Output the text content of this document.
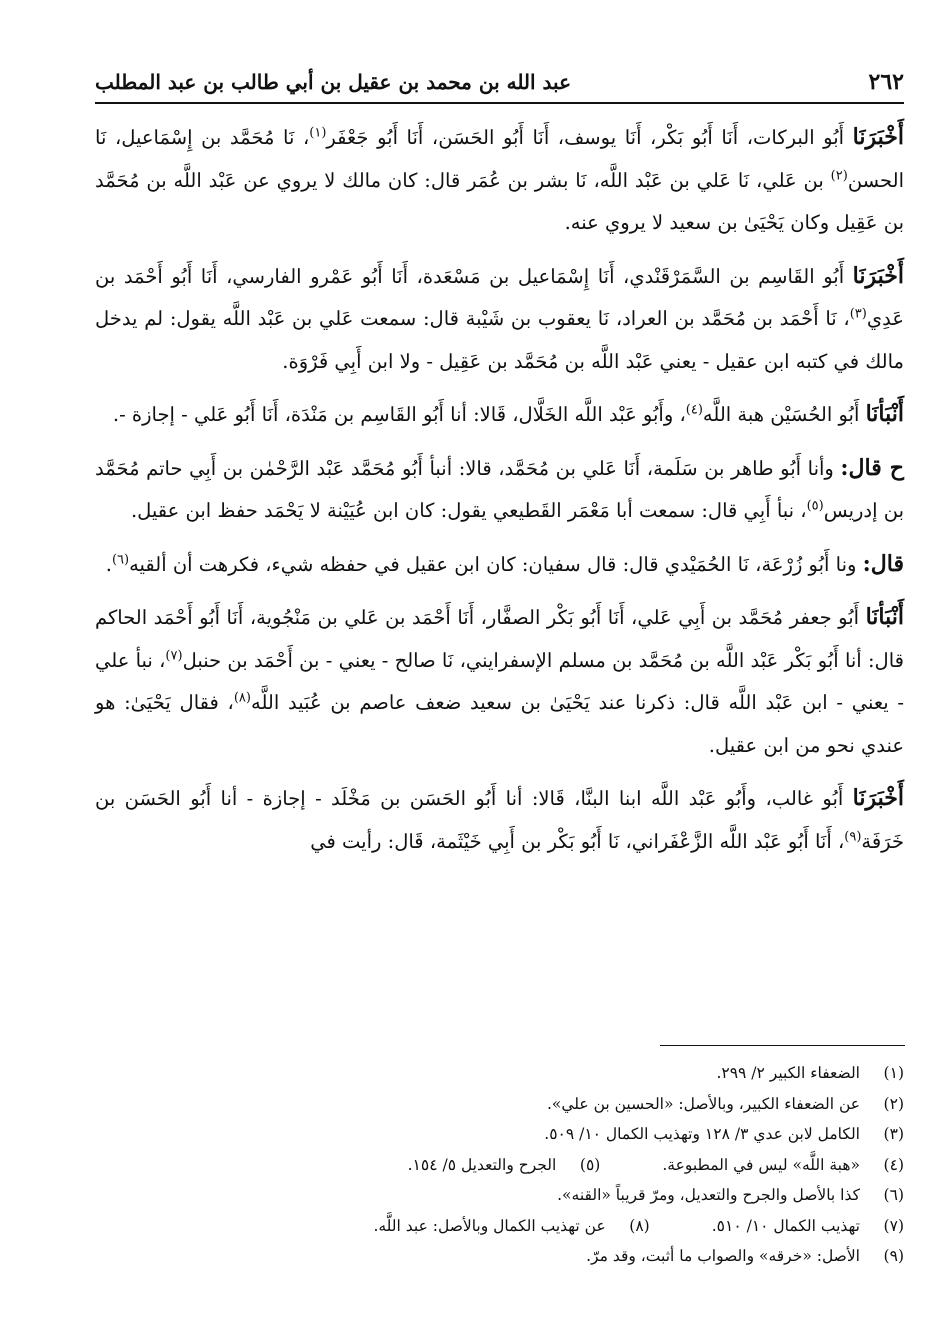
٢٦٢
عبد الله بن محمد بن عقيل بن أبي طالب بن عبد المطلب

أَخْبَرَنَا أَبُو البركات، أَنَا أَبُو بَكْر، أَنَا يوسف، أَنَا أَبُو الحَسَن، أَنَا أَبُو جَعْفَر$^{(١)}$، نَا مُحَمَّد بن إِسْمَاعيل، نَا الحسن$^{(٢)}$ بن عَلي، نَا عَلي بن عَبْد اللَّه، نَا بشر بن عُمَر قال: كان مالك لا يروي عن عَبْد اللَّه بن مُحَمَّد بن عَقِيل وكان يَحْيَىٰ بن سعيد لا يروي عنه.

أَخْبَرَنَا أَبُو القَاسِم بن السَّمَرْقَنْدي، أَنَا إِسْمَاعيل بن مَسْعَدة، أَنَا أَبُو عَمْرو الفارسي، أَنَا أَبُو أَحْمَد بن عَدِي$^{(٣)}$، نَا أَحْمَد بن مُحَمَّد بن العراد، نَا يعقوب بن شَيْبة قال: سمعت عَلي بن عَبْد اللَّه يقول: لم يدخل مالك في كتبه ابن عقيل - يعني عَبْد اللَّه بن مُحَمَّد بن عَقِيل - ولا ابن أَبِي فَرْوَة.

أَنْبَأنَا أَبُو الحُسَيْن هبة اللَّه$^{(٤)}$، وأَبُو عَبْد اللَّه الخَلَّال، قَالا: أنا أَبُو القَاسِم بن مَنْدَة، أَنَا أَبُو عَلي - إجازة -.

ح قال: وأنا أَبُو طاهر بن سَلَمة، أَنَا عَلي بن مُحَمَّد، قالا: أنبأ أَبُو مُحَمَّد عَبْد الرَّحْمٰن بن أَبِي حاتم مُحَمَّد بن إدريس$^{(٥)}$، نبأ أَبِي قال: سمعت أبا مَعْمَر القَطيعي يقول: كان ابن عُيَيْنة لا يَحْمَد حفظ ابن عقيل.

قال: ونا أَبُو زُرْعَة، نَا الحُمَيْدي قال: قال سفيان: كان ابن عقيل في حفظه شيء، فكرهت أن ألقيه$^{(٦)}$.

أَنْبَأنَا أَبُو جعفر مُحَمَّد بن أَبِي عَلي، أَنَا أَبُو بَكْر الصفَّار، أَنَا أَحْمَد بن عَلي بن مَنْجُوية، أَنَا أَبُو أَحْمَد الحاكم قال: أنا أَبُو بَكْر عَبْد اللَّه بن مُحَمَّد بن مسلم الإسفرايني، نَا صالح - يعني - بن أَحْمَد بن حنبل$^{(٧)}$، نبأ علي - يعني - ابن عَبْد اللَّه قال: ذكرنا عند يَحْيَىٰ بن سعيد ضعف عاصم بن عُبَيد اللَّه$^{(٨)}$، فقال يَحْيَىٰ: هو عندي نحو من ابن عقيل.

أَخْبَرَنَا أَبُو غالب، وأَبُو عَبْد اللَّه ابنا البنَّا، قَالا: أنا أَبُو الحَسَن بن مَخْلَد - إجازة - أنا أَبُو الحَسَن بن خَرَفَة$^{(٩)}$، أَنَا أَبُو عَبْد اللَّه الزَّعْفَراني، نَا أَبُو بَكْر بن أَبِي خَيْثَمة، قَال: رأيت في

(١)
الضعفاء الكبير ٢/ ٢٩٩.
(٢)
عن الضعفاء الكبير، وبالأصل: «الحسين بن علي».
(٣)
الكامل لابن عدي ٣/ ١٢٨ وتهذيب الكمال ١٠/ ٥٠٩.
(٤)
«هبة اللَّه» ليس في المطبوعة.
(٥)
الجرح والتعديل ٥/ ١٥٤.
(٦)
كذا بالأصل والجرح والتعديل، ومرّ قريباً «القنه».
(٧)
تهذيب الكمال ١٠/ ٥١٠.
(٨)
عن تهذيب الكمال وبالأصل: عبد اللَّه.
(٩)
الأصل: «خرقه» والصواب ما أثبت، وقد مرّ.
